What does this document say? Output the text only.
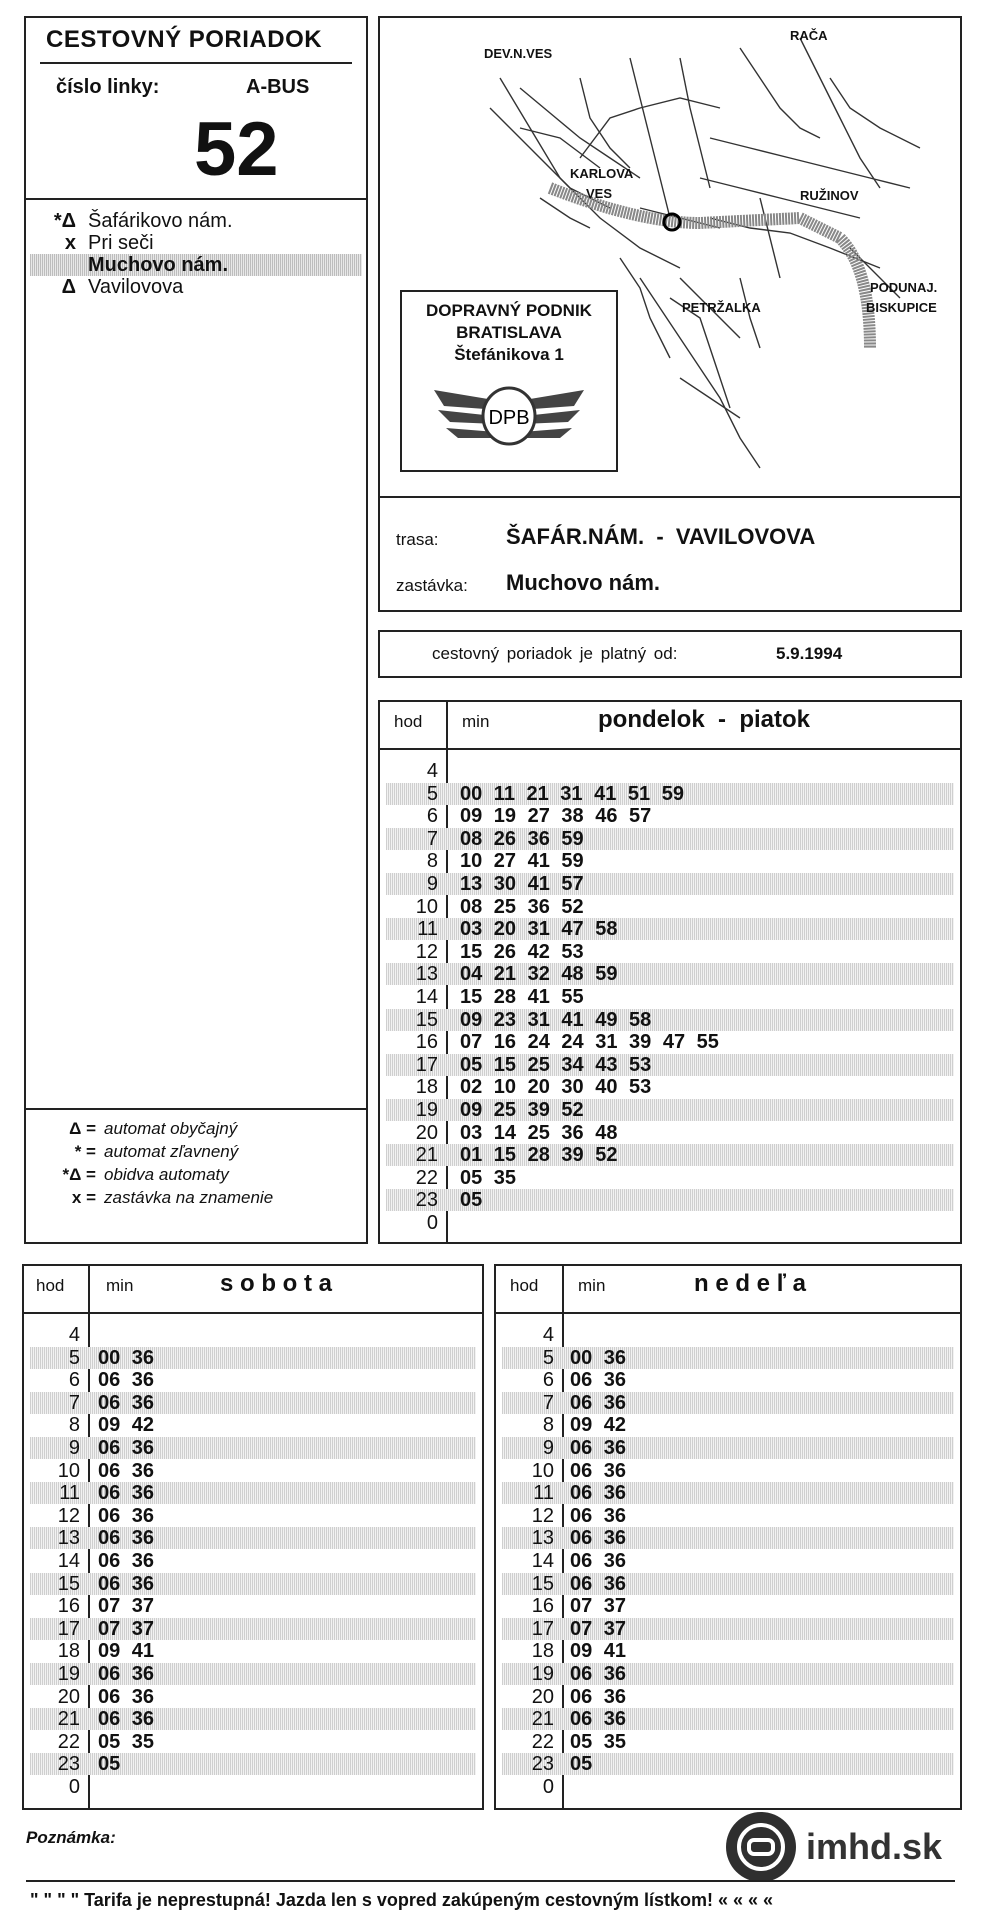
CESTOVNÝ PORIADOK
číslo linky:	A-BUS
52
*Δ Šafárikovo nám.
x Pri seči
Muchovo nám.
Δ Vavilovova
Δ = automat obyčajný
* = automat zľavnený
*Δ = obidva automaty
x = zastávka na znamenie
DEV.N.VES
RAČA
KARLOVA
VES	RUŽINOV
PODUNAJ.
BISKUPICE
PETRŽALKA
DOPRAVNÝ PODNIK
BRATISLAVA
Štefánikova 1
DPB
trasa:	ŠAFÁR.NÁM.  -  VAVILOVOVA
zastávka: Muchovo nám.
cestovný poriadok je platný od:	5.9.1994
hod min	pondelok  -  piatok
4
5 00 11 21 31 41 51 59
6 09 19 27 38 46 57
7 08 26 36 59
8 10 27 41 59
9 13 30 41 57
10 08 25 36 52
11 03 20 31 47 58
12 15 26 42 53
13 04 21 32 48 59
14 15 28 41 55
15 09 23 31 41 49 58
16 07 16 24 24 31 39 47 55
17 05 15 25 34 43 53
18 02 10 20 30 40 53
19 09 25 39 52
20 03 14 25 36 48
21 01 15 28 39 52
22 05 35
23 05
0
hod min	s o b o t a
4
5 00 36
6 06 36
7 06 36
8 09 42
9 06 36
10 06 36
11 06 36
12 06 36
13 06 36
14 06 36
15 06 36
16 07 37
17 07 37
18 09 41
19 06 36
20 06 36
21 06 36
22 05 35
23 05
0
hod min	n e d e ľ a
4
5 00 36
6 06 36
7 06 36
8 09 42
9 06 36
10 06 36
11 06 36
12 06 36
13 06 36
14 06 36
15 06 36
16 07 37
17 07 37
18 09 41
19 06 36
20 06 36
21 06 36
22 05 35
23 05
0
Poznámka:	imhd.sk
" " " " Tarifa je neprestupná! Jazda len s vopred zakúpeným cestovným lístkom! « « « «
